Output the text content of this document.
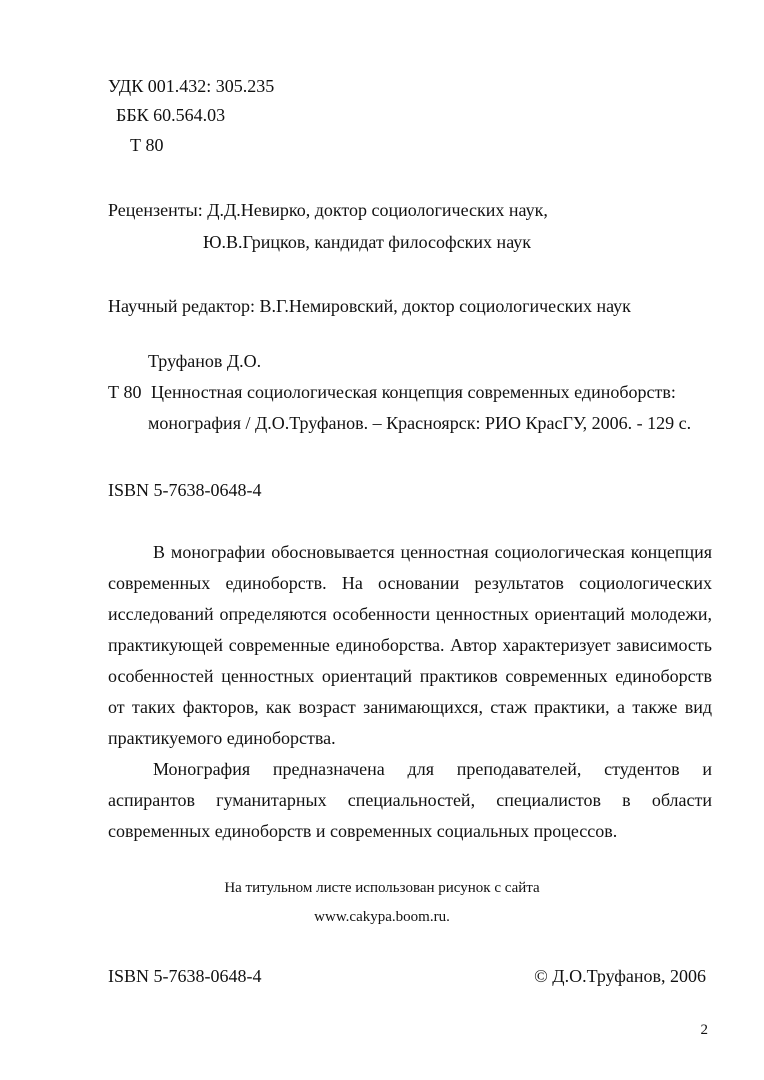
УДК 001.432: 305.235
ББК 60.564.03
Т 80
Рецензенты: Д.Д.Невирко, доктор социологических наук,
Ю.В.Грицков, кандидат философских наук
Научный редактор: В.Г.Немировский, доктор социологических наук
Труфанов Д.О.
Т 80 Ценностная социологическая концепция современных единоборств:
монография / Д.О.Труфанов. – Красноярск: РИО КрасГУ, 2006. - 129 с.
ISBN 5-7638-0648-4
В монографии обосновывается ценностная социологическая концепция
современных единоборств. На основании результатов социологических
исследований определяются особенности ценностных ориентаций молодежи,
практикующей современные единоборства. Автор характеризует зависимость
особенностей ценностных ориентаций практиков современных единоборств
от таких факторов, как возраст занимающихся, стаж практики, а также вид
практикуемого единоборства.
Монография предназначена для преподавателей, студентов и
аспирантов гуманитарных специальностей, специалистов в области
современных единоборств и современных социальных процессов.
На титульном листе использован рисунок с сайта
www.cakypa.boom.ru.
ISBN 5-7638-0648-4	© Д.О.Труфанов, 2006
2
